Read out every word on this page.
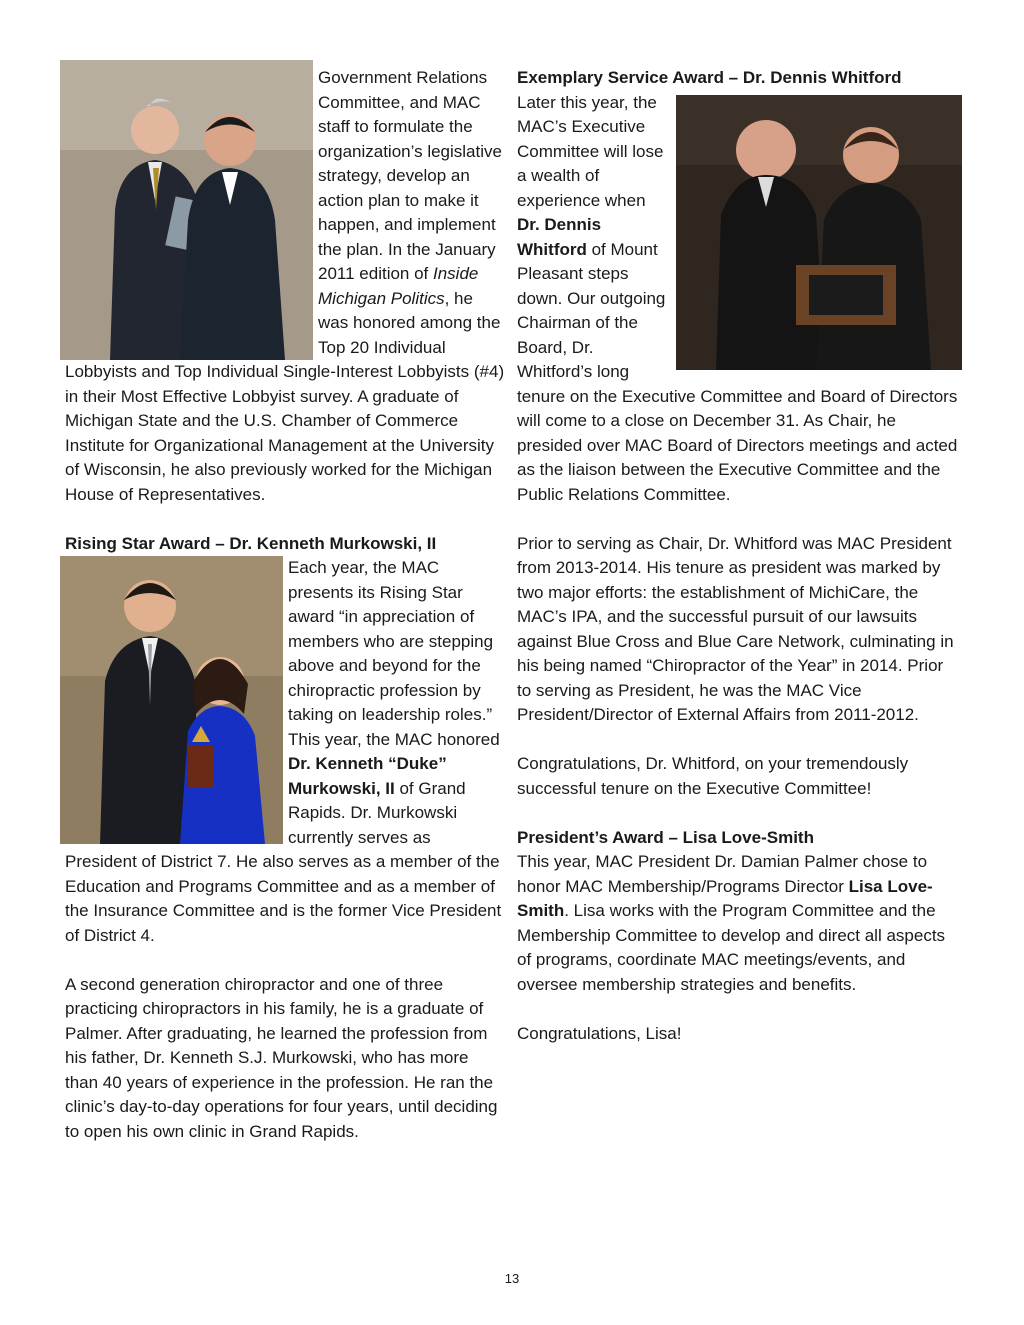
Government Relations Committee, and MAC staff to formulate the organization’s legislative strategy, develop an action plan to make it happen, and implement the plan. In the January 2011 edition of Inside Michigan Politics, he was honored among the Top 20 Individual Lobbyists and Top Individual Single-Interest Lobbyists (#4) in their Most Effective Lobbyist survey. A graduate of Michigan State and the U.S. Chamber of Commerce Institute for Organizational Management at the University of Wisconsin, he also previously worked for the Michigan House of Representatives.

Rising Star Award – Dr. Kenneth Murkowski, II

Each year, the MAC presents its Rising Star award “in appreciation of members who are stepping above and beyond for the chiropractic profession by taking on leadership roles.” This year, the MAC honored Dr. Kenneth “Duke” Murkowski, II of Grand Rapids. Dr. Murkowski currently serves as President of District 7. He also serves as a member of the Education and Programs Committee and as a member of the Insurance Committee and is the former Vice President of District 4.

A second generation chiropractor and one of three practicing chiropractors in his family, he is a graduate of Palmer. After graduating, he learned the profession from his father, Dr. Kenneth S.J. Murkowski, who has more than 40 years of experience in the profession. He ran the clinic’s day-to-day operations for four years, until deciding to open his own clinic in Grand Rapids.

Exemplary Service Award – Dr. Dennis Whitford

Later this year, the MAC’s Executive Committee will lose a wealth of experience when Dr. Dennis Whitford of Mount Pleasant steps down. Our outgoing Chairman of the Board, Dr. Whitford’s long tenure on the Executive Committee and Board of Directors will come to a close on December 31. As Chair, he presided over MAC Board of Directors meetings and acted as the liaison between the Executive Committee and the Public Relations Committee.

Prior to serving as Chair, Dr. Whitford was MAC President from 2013-2014. His tenure as president was marked by two major efforts: the establishment of MichiCare, the MAC’s IPA, and the successful pursuit of our lawsuits against Blue Cross and Blue Care Network, culminating in his being named “Chiropractor of the Year” in 2014. Prior to serving as President, he was the MAC Vice President/Director of External Affairs from 2011-2012.

Congratulations, Dr. Whitford, on your tremendously successful tenure on the Executive Committee!

President’s Award – Lisa Love-Smith

This year, MAC President Dr. Damian Palmer chose to honor MAC Membership/Programs Director Lisa Love-Smith. Lisa works with the Program Committee and the Membership Committee to develop and direct all aspects of programs, coordinate MAC meetings/events, and oversee membership strategies and benefits.

Congratulations, Lisa!

13
